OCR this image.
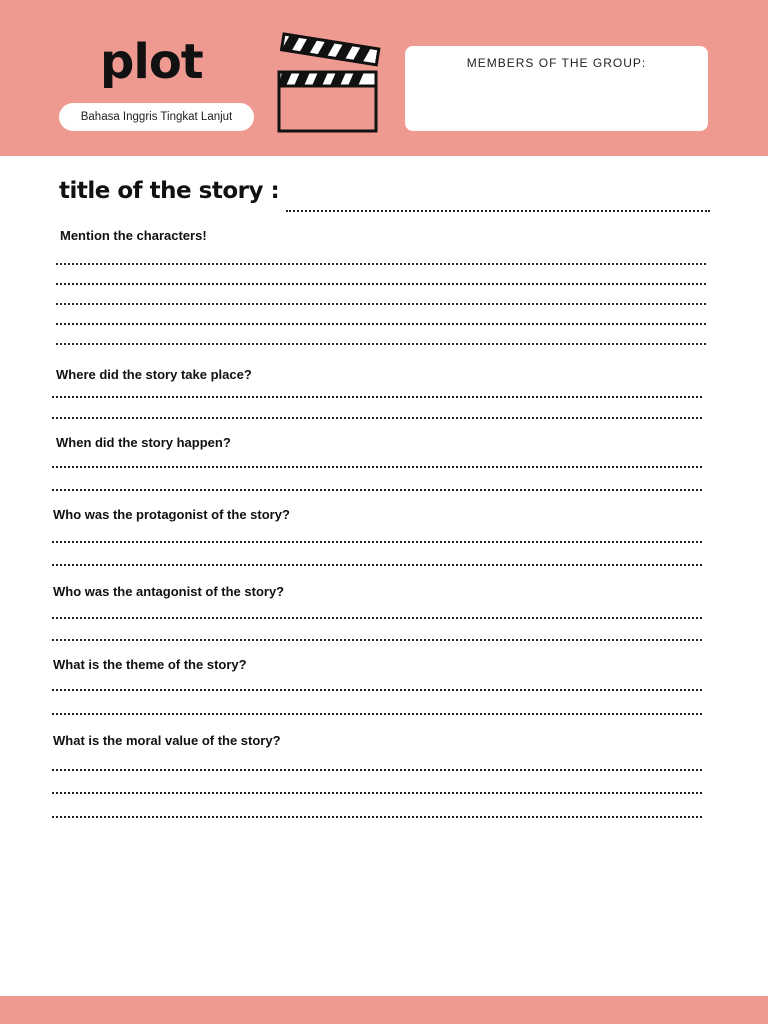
plot
Bahasa Inggris Tingkat Lanjut
MEMBERS OF THE GROUP:
title of the story :
Mention the characters!
Where did the story take place?
When did the story happen?
Who was the protagonist of the story?
Who was the antagonist of the story?
What is the theme of the story?
What is the moral value of the story?
